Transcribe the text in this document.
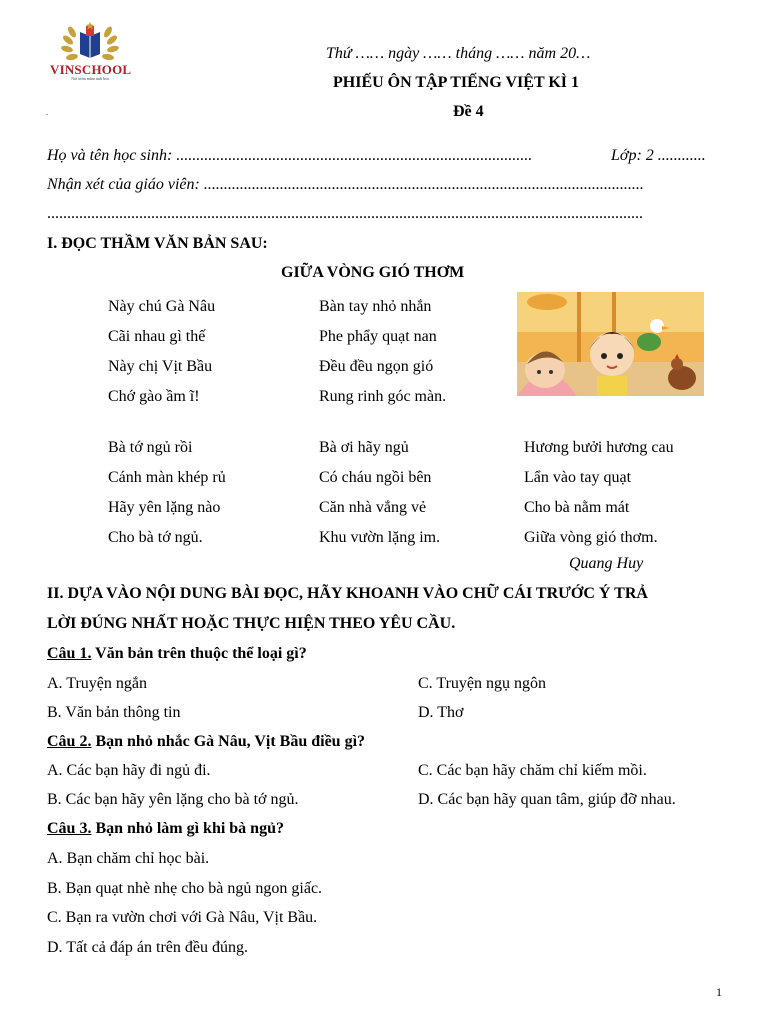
VINSCHOOL
Nơi ươm mầm tinh hoa
Thứ …… ngày …… tháng …… năm 20…
PHIẾU ÔN TẬP TIẾNG VIỆT KÌ 1
Đề 4
.
Họ và tên học sinh: .........................................................................................	Lớp: 2 ............
Nhận xét của giáo viên: ..............................................................................................................
.....................................................................................................................................................
I. ĐỌC THẦM VĂN BẢN SAU:
GIỮA VÒNG GIÓ THƠM
Này chú Gà Nâu
Cãi nhau gì thế
Này chị Vịt Bầu
Chớ gào ầm ĩ!
Bàn tay nhỏ nhắn
Phe phẩy quạt nan
Đều đều ngọn gió
Rung rinh góc màn.
Bà tớ ngủ rồi
Cánh màn khép rủ
Hãy yên lặng nào
Cho bà tớ ngủ.
Bà ơi hãy ngủ
Có cháu ngồi bên
Căn nhà vắng vẻ
Khu vườn lặng im.
Hương bưởi hương cau
Lẩn vào tay quạt
Cho bà nằm mát
Giữa vòng gió thơm.
Quang Huy
II. DỰA VÀO NỘI DUNG BÀI ĐỌC, HÃY KHOANH VÀO CHỮ CÁI TRƯỚC Ý TRẢ
LỜI ĐÚNG NHẤT HOẶC THỰC HIỆN THEO YÊU CẦU.
Câu 1. Văn bản trên thuộc thể loại gì?
A. Truyện ngắn	C. Truyện ngụ ngôn
B. Văn bản thông tin	D. Thơ
Câu 2. Bạn nhỏ nhắc Gà Nâu, Vịt Bầu điều gì?
A. Các bạn hãy đi ngủ đi.	C. Các bạn hãy chăm chỉ kiếm mồi.
B. Các bạn hãy yên lặng cho bà tớ ngủ.	D. Các bạn hãy quan tâm, giúp đỡ nhau.
Câu 3. Bạn nhỏ làm gì khi bà ngủ?
A. Bạn chăm chỉ học bài.
B. Bạn quạt nhè nhẹ cho bà ngủ ngon giấc.
C. Bạn ra vườn chơi với Gà Nâu, Vịt Bầu.
D. Tất cả đáp án trên đều đúng.
1
